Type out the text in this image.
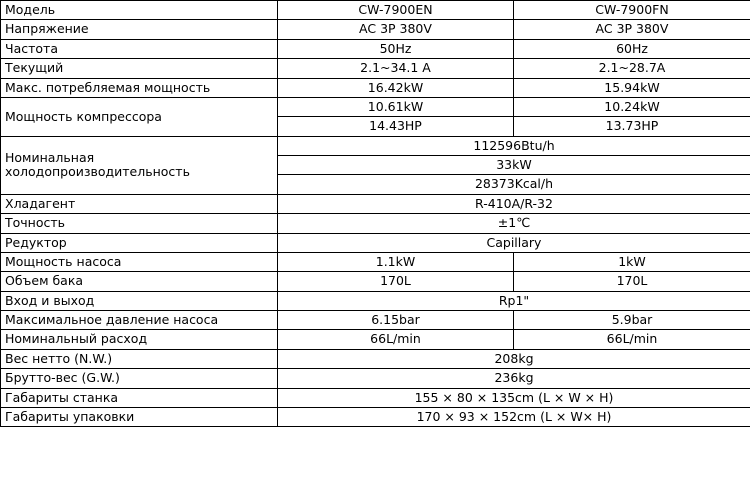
Модель	CW-7900EN	CW-7900FN
Напряжение	AC 3P 380V	AC 3P 380V
Частота	50Hz	60Hz
Текущий	2.1~34.1 A	2.1~28.7A
Макс. потребляемая мощность	16.42kW	15.94kW
Мощность компрессора	10.61kW	10.24kW
	14.43HP	13.73HP
Номинальная холодопроизводительность	112596Btu/h	
	33kW	
	28373Kcal/h	
Хладагент	R-410A/R-32	
Точность	±1℃	
Редуктор	Capillary	
Мощность насоса	1.1kW	1kW
Объем бака	170L	170L
Вход и выход	Rp1"	
Максимальное давление насоса	6.15bar	5.9bar
Номинальный расход	66L/min	66L/min
Вес нетто (N.W.)	208kg	
Брутто-вес (G.W.)	236kg	
Габариты станка	155 × 80 × 135cm (L × W × H)	
Габариты упаковки	170 × 93 × 152cm (L × W× H)	
